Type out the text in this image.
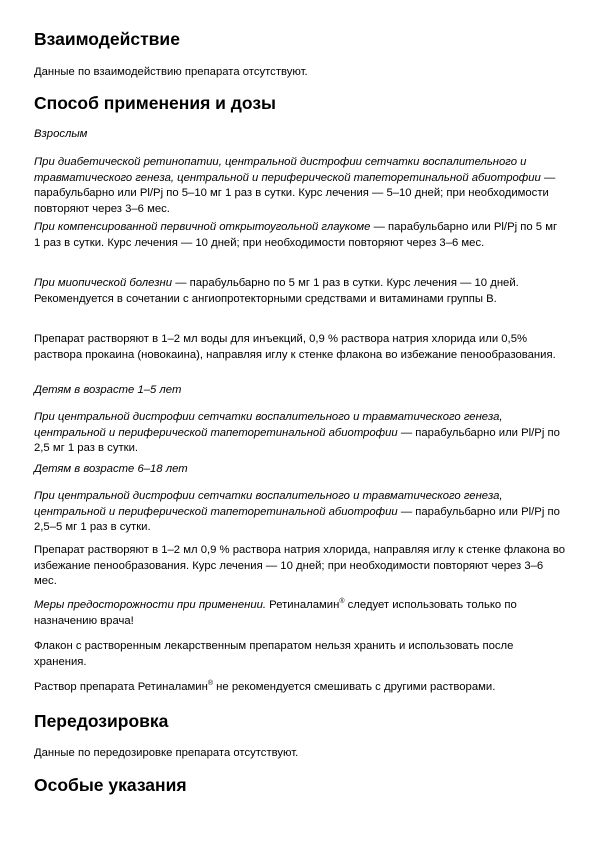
Взаимодействие

Данные по взаимодействию препарата отсутствуют.

Способ применения и дозы

Взрослым

При диабетической ретинопатии, центральной дистрофии сетчатки воспалительного и травматического генеза, центральной и периферической тапеторетинальной абиотрофии — парабульбарно или Pl/Pj по 5–10 мг 1 раз в сутки. Курс лечения — 5–10 дней; при необходимости повторяют через 3–6 мес.

При компенсированной первичной открытоугольной глаукоме — парабульбарно или Pl/Pj по 5 мг 1 раз в сутки. Курс лечения — 10 дней; при необходимости повторяют через 3–6 мес.

При миопической болезни — парабульбарно по 5 мг 1 раз в сутки. Курс лечения — 10 дней. Рекомендуется в сочетании с ангиопротекторными средствами и витаминами группы B.

Препарат растворяют в 1–2 мл воды для инъекций, 0,9 % раствора натрия хлорида или 0,5% раствора прокаина (новокаина), направляя иглу к стенке флакона во избежание пенообразования.

Детям в возрасте 1–5 лет

При центральной дистрофии сетчатки воспалительного и травматического генеза, центральной и периферической тапеторетинальной абиотрофии — парабульбарно или Pl/Pj по 2,5 мг 1 раз в сутки.

Детям в возрасте 6–18 лет

При центральной дистрофии сетчатки воспалительного и травматического генеза, центральной и периферической тапеторетинальной абиотрофии — парабульбарно или Pl/Pj по 2,5–5 мг 1 раз в сутки.

Препарат растворяют в 1–2 мл 0,9 % раствора натрия хлорида, направляя иглу к стенке флакона во избежание пенообразования. Курс лечения — 10 дней; при необходимости повторяют через 3–6 мес.

Меры предосторожности при применении. Ретиналамин® следует использовать только по назначению врача!

Флакон с растворенным лекарственным препаратом нельзя хранить и использовать после хранения.

Раствор препарата Ретиналамин® не рекомендуется смешивать с другими растворами.

Передозировка

Данные по передозировке препарата отсутствуют.

Особые указания
